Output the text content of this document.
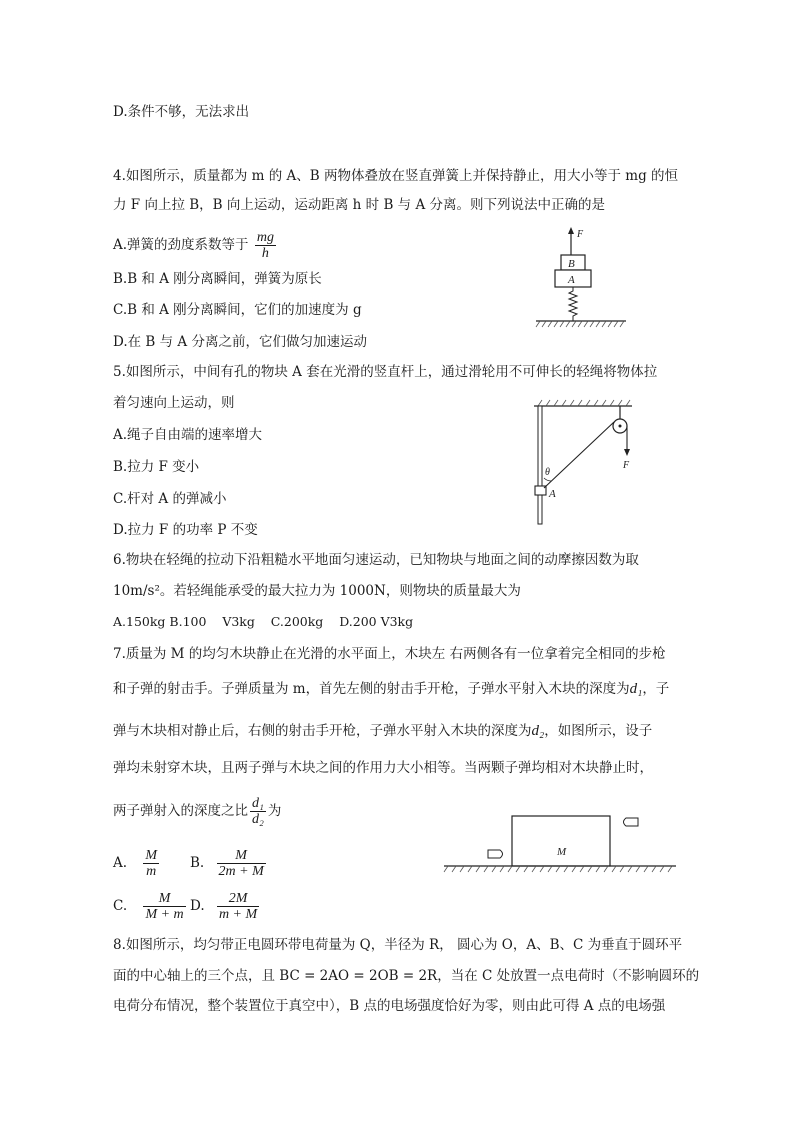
D.条件不够，无法求出
4.如图所示，质量都为 m 的 A、B 两物体叠放在竖直弹簧上并保持静止，用大小等于 mg 的恒
力 F 向上拉 B，B 向上运动，运动距离 h 时 B 与 A 分离。则下列说法中正确的是
A.弹簧的劲度系数等于 $\frac{mg}{h}$
B.B 和 A 刚分离瞬间，弹簧为原长
C.B 和 A 刚分离瞬间，它们的加速度为 g
D.在 B 与 A 分离之前，它们做匀加速运动
F
B
A
5.如图所示，中间有孔的物块 A 套在光滑的竖直杆上，通过滑轮用不可伸长的轻绳将物体拉
着匀速向上运动，则
A.绳子自由端的速率增大
B.拉力 F 变小
C.杆对 A 的弹减小
D.拉力 F 的功率 P 不变
θ
A
F
6.物块在轻绳的拉动下沿粗糙水平地面匀速运动，已知物块与地面之间的动摩擦因数为取
10m/s²。若轻绳能承受的最大拉力为 1000N，则物块的质量最大为
A.150kg B.100    V3kg    C.200kg    D.200 V3kg
7.质量为 M 的均匀木块静止在光滑的水平面上，木块左 右两侧各有一位拿着完全相同的步枪
和子弹的射击手。子弹质量为 m，首先左侧的射击手开枪，子弹水平射入木块的深度为d₁，子
弹与木块相对静止后，右侧的射击手开枪，子弹水平射入木块的深度为d₂，如图所示，设子
弹均未射穿木块，且两子弹与木块之间的作用力大小相等。当两颗子弹均相对木块静止时，
两子弹射入的深度之比 $\frac{\text{d₁}}{\text{d₂}}$ 为
A. $\frac{M}{m} B$. $\frac{M}{2m + M}$
C. $\frac{M}{M + m} D$. $\frac{2M}{m + M}$
M
8.如图所示，均匀带正电圆环带电荷量为 Q，半径为 R， 圆心为 O，A、B、C 为垂直于圆环平
面的中心轴上的三个点，且 BC = 2AO = 2OB = 2R，当在 C 处放置一点电荷时（不影响圆环的
电荷分布情况，整个装置位于真空中），B 点的电场强度恰好为零，则由此可得 A 点的电场强
